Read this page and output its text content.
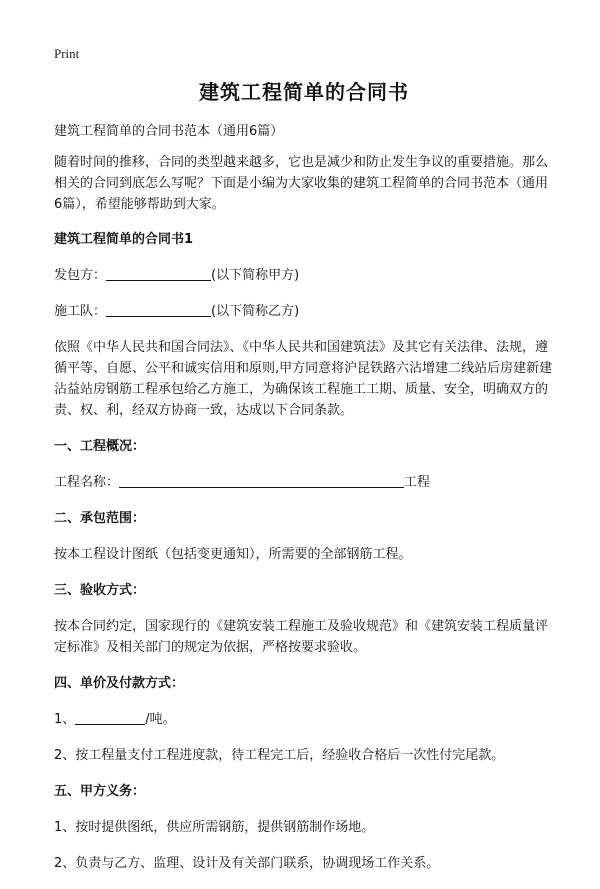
Print
建筑工程简单的合同书

建筑工程简单的合同书范本（通用6篇）

随着时间的推移，合同的类型越来越多，它也是减少和防止发生争议的重要措施。那么相关的合同到底怎么写呢？下面是小编为大家收集的建筑工程简单的合同书范本（通用6篇），希望能够帮助到大家。

建筑工程简单的合同书1

发包方：	(以下简称甲方)

施工队：	(以下简称乙方)

依照《中华人民共和国合同法》、《中华人民共和国建筑法》及其它有关法律、法规，遵循平等、自愿、公平和诚实信用和原则,甲方同意将沪昆铁路六沾增建二线站后房建新建沾益站房钢筋工程承包给乙方施工，为确保该工程施工工期、质量、安全，明确双方的责、权、利，经双方协商一致，达成以下合同条款。

一、工程概况：

工程名称：	工程

二、承包范围：

按本工程设计图纸（包括变更通知），所需要的全部钢筋工程。

三、验收方式：

按本合同约定，国家现行的《建筑安装工程施工及验收规范》和《建筑安装工程质量评定标准》及相关部门的规定为依据，严格按要求验收。

四、单价及付款方式：

1、	/吨。

2、按工程量支付工程进度款，待工程完工后，经验收合格后一次性付完尾款。

五、甲方义务：

1、按时提供图纸，供应所需钢筋，提供钢筋制作场地。

2、负责与乙方、监理、设计及有关部门联系，协调现场工作关系。
